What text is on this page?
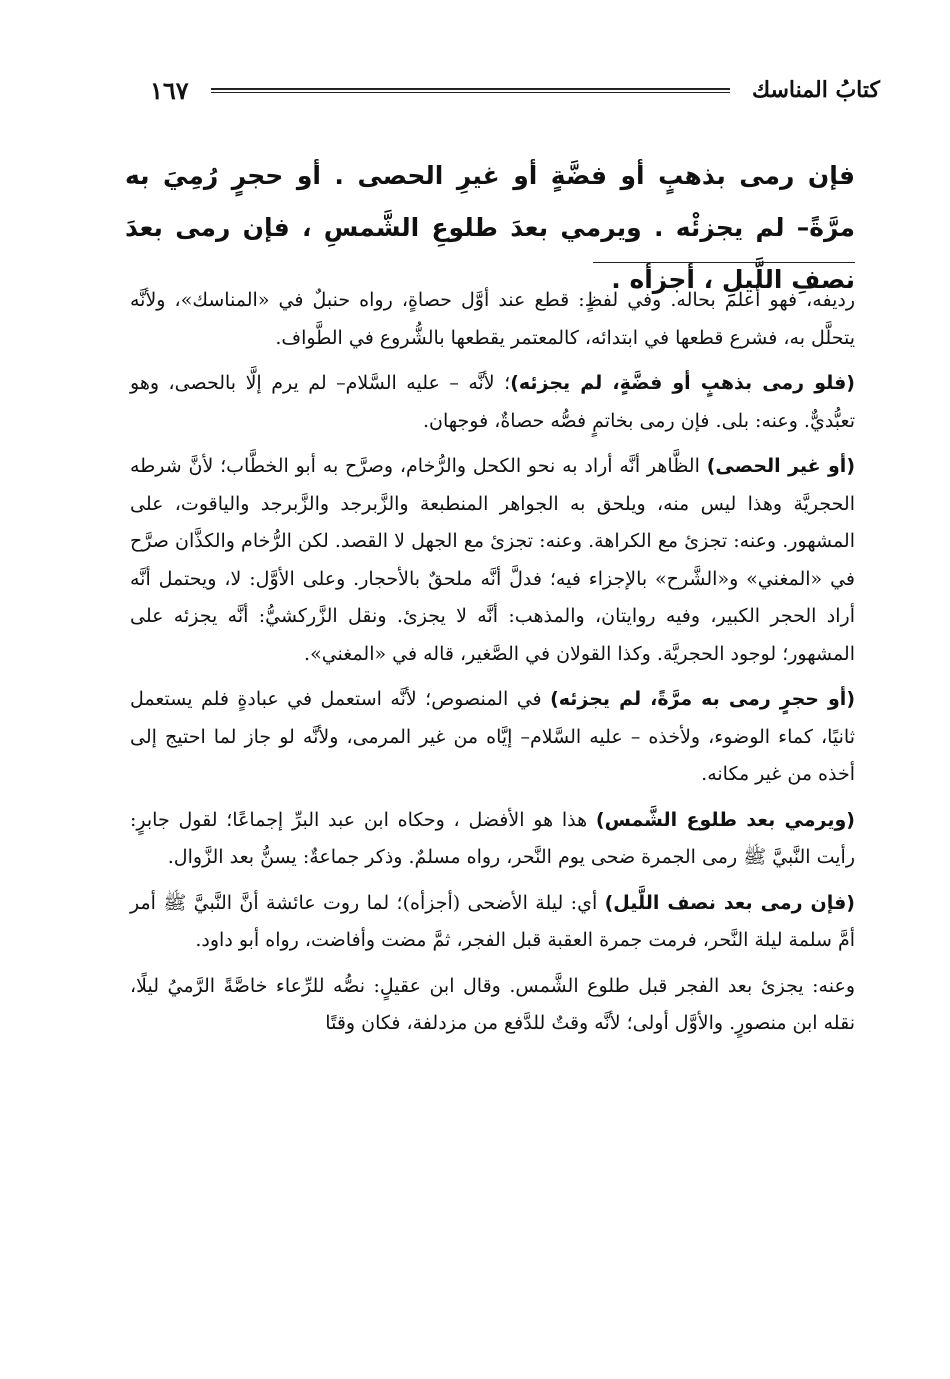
كتابُ المناسك
١٦٧

فإن رمى بذهبٍ أو فضَّةٍ أو غيرِ الحصى . أو حجرٍ رُمِيَ به مرَّةً– لم يجزئْه . ويرمي بعدَ طلوعِ الشَّمسِ ، فإن رمى بعدَ نصفِ اللَّيلِ ، أجزأه .

رديفه، فهو أعلم بحاله. وفي لفظٍ: قطع عند أوَّل حصاةٍ، رواه حنبلٌ في «المناسك»، ولأنَّه يتحلَّل به، فشرع قطعها في ابتدائه، كالمعتمر يقطعها بالشُّروع في الطَّواف.

(فلو رمى بذهبٍ أو فضَّةٍ، لم يجزئه)؛ لأنَّه – عليه السَّلام– لم يرم إلَّا بالحصى، وهو تعبُّديٌّ. وعنه: بلى. فإن رمى بخاتمٍ فصُّه حصاةٌ، فوجهان.

(أو غير الحصى) الظَّاهر أنَّه أراد به نحو الكحل والرُّخام، وصرَّح به أبو الخطَّاب؛ لأنَّ شرطه الحجريَّة وهذا ليس منه، ويلحق به الجواهر المنطبعة والزَّبرجد والزَّبرجد والياقوت، على المشهور. وعنه: تجزئ مع الكراهة. وعنه: تجزئ مع الجهل لا القصد. لكن الرُّخام والكذَّان صرَّح في «المغني» و«الشَّرح» بالإجزاء فيه؛ فدلَّ أنَّه ملحقٌ بالأحجار. وعلى الأوَّل: لا، ويحتمل أنَّه أراد الحجر الكبير، وفيه روايتان، والمذهب: أنَّه لا يجزئ. ونقل الزَّركشيُّ: أنَّه يجزئه على المشهور؛ لوجود الحجريَّة. وكذا القولان في الصَّغير، قاله في «المغني».

(أو حجرٍ رمى به مرَّةً، لم يجزئه) في المنصوص؛ لأنَّه استعمل في عبادةٍ فلم يستعمل ثانيًا، كماء الوضوء، ولأخذه – عليه السَّلام– إيَّاه من غير المرمى، ولأنَّه لو جاز لما احتيج إلى أخذه من غير مكانه.

(ويرمي بعد طلوع الشَّمس) هذا هو الأفضل ، وحكاه ابن عبد البرِّ إجماعًا؛ لقول جابرٍ: رأيت النَّبيَّ ﷺ رمى الجمرة ضحى يوم النَّحر، رواه مسلمٌ. وذكر جماعةٌ: يسنُّ بعد الزَّوال.

(فإن رمى بعد نصف اللَّيل) أي: ليلة الأضحى (أجزأه)؛ لما روت عائشة أنَّ النَّبيَّ ﷺ أمر أمَّ سلمة ليلة النَّحر، فرمت جمرة العقبة قبل الفجر، ثمَّ مضت وأفاضت، رواه أبو داود.

وعنه: يجزئ بعد الفجر قبل طلوع الشَّمس. وقال ابن عقيلٍ: نصُّه للرِّعاء خاصَّةً الرَّميُ ليلًا، نقله ابن منصورٍ. والأوَّل أولى؛ لأنَّه وقتٌ للدَّفع من مزدلفة، فكان وقتًا
